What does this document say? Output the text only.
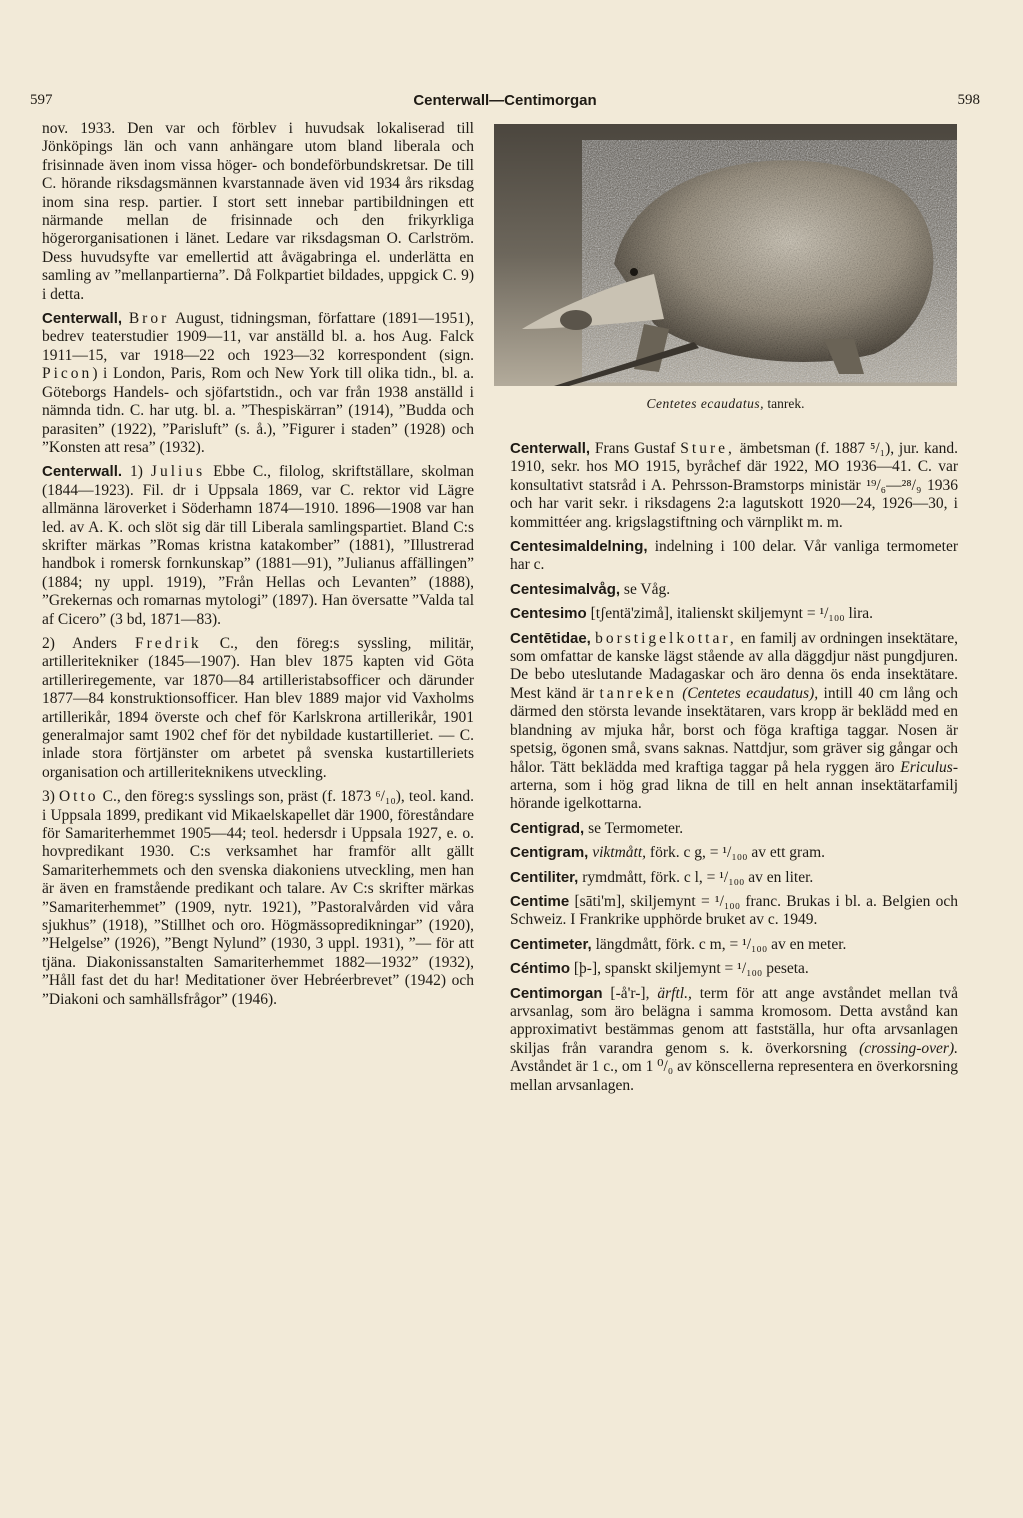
597	Centerwall—Centimorgan	598

nov. 1933. Den var och förblev i huvudsak lokaliserad till Jönköpings län och vann anhängare utom bland liberala och frisinnade även inom vissa höger- och bondeförbundskretsar. De till C. hörande riksdagsmännen kvarstannade även vid 1934 års riksdag inom sina resp. partier. I stort sett innebar partibildningen ett närmande mellan de frisinnade och den frikyrkliga högerorganisationen i länet. Ledare var riksdagsman O. Carlström. Dess huvudsyfte var emellertid att åvägabringa el. underlätta en samling av ”mellanpartierna”. Då Folkpartiet bildades, uppgick C. 9) i detta.

Centerwall, Bror August, tidningsman, författare (1891—1951), bedrev teaterstudier 1909—11, var anställd bl. a. hos Aug. Falck 1911—15, var 1918—22 och 1923—32 korrespondent (sign. Picon) i London, Paris, Rom och New York till olika tidn., bl. a. Göteborgs Handels- och sjöfartstidn., och var från 1938 anställd i nämnda tidn. C. har utg. bl. a. ”Thespiskärran” (1914), ”Budda och parasiten” (1922), ”Parisluft” (s. å.), ”Figurer i staden” (1928) och ”Konsten att resa” (1932).

Centerwall. 1) Julius Ebbe C., filolog, skriftställare, skolman (1844—1923). Fil. dr i Uppsala 1869, var C. rektor vid Lägre allmänna läroverket i Söderhamn 1874—1910. 1896—1908 var han led. av A. K. och slöt sig där till Liberala samlingspartiet. Bland C:s skrifter märkas ”Romas kristna katakomber” (1881), ”Illustrerad handbok i romersk fornkunskap” (1881—91), ”Julianus affällingen” (1884; ny uppl. 1919), ”Från Hellas och Levanten” (1888), ”Grekernas och romarnas mytologi” (1897). Han översatte ”Valda tal af Cicero” (3 bd, 1871—83).

2) Anders Fredrik C., den föreg:s syssling, militär, artilleritekniker (1845—1907). Han blev 1875 kapten vid Göta artilleriregemente, var 1870—84 artilleristabsofficer och därunder 1877—84 konstruktionsofficer. Han blev 1889 major vid Vaxholms artillerikår, 1894 överste och chef för Karlskrona artillerikår, 1901 generalmajor samt 1902 chef för det nybildade kustartilleriet. — C. inlade stora förtjänster om arbetet på svenska kustartilleriets organisation och artilleriteknikens utveckling.

3) Otto C., den föreg:s sysslings son, präst (f. 1873 ⁶/₁₀), teol. kand. i Uppsala 1899, predikant vid Mikaelskapellet där 1900, föreståndare för Samariterhemmet 1905—44; teol. hedersdr i Uppsala 1927, e. o. hovpredikant 1930. C:s verksamhet har framför allt gällt Samariterhemmets och den svenska diakoniens utveckling, men han är även en framstående predikant och talare. Av C:s skrifter märkas ”Samariterhemmet” (1909, nytr. 1921), ”Pastoralvården vid våra sjukhus” (1918), ”Stillhet och oro. Högmässopredikningar” (1920), ”Helgelse” (1926), ”Bengt Nylund” (1930, 3 uppl. 1931), ”— för att tjäna. Diakonissanstalten Samariterhemmet 1882—1932” (1932), ”Håll fast det du har! Meditationer över Hebréerbrevet” (1942) och ”Diakoni och samhällsfrågor” (1946).

Centetes ecaudatus, tanrek.

Centerwall, Frans Gustaf Sture, ämbetsman (f. 1887 ⁵/₁), jur. kand. 1910, sekr. hos MO 1915, byråchef där 1922, MO 1936—41. C. var konsultativt statsråd i A. Pehrsson-Bramstorps ministär ¹⁹/₆—²⁸/₉ 1936 och har varit sekr. i riksdagens 2:a lagutskott 1920—24, 1926—30, i kommittéer ang. krigslagstiftning och värnplikt m. m.

Centesimaldelning, indelning i 100 delar. Vår vanliga termometer har c.

Centesimalvåg, se Våg.

Centesimo [tʃentä'zimå], italienskt skiljemynt = ¹/₁₀₀ lira.

Centētidae, borstigelkottar, en familj av ordningen insektätare, som omfattar de kanske lägst stående av alla däggdjur näst pungdjuren. De bebo uteslutande Madagaskar och äro denna ös enda insektätare. Mest känd är tanreken (Centetes ecaudatus), intill 40 cm lång och därmed den största levande insektätaren, vars kropp är beklädd med en blandning av mjuka hår, borst och föga kraftiga taggar. Nosen är spetsig, ögonen små, svans saknas. Nattdjur, som gräver sig gångar och hålor. Tätt beklädda med kraftiga taggar på hela ryggen äro Ericulus-arterna, som i hög grad likna de till en helt annan insektätarfamilj hörande igelkottarna.

Centigrad, se Termometer.

Centigram, viktmått, förk. c g, = ¹/₁₀₀ av ett gram.

Centiliter, rymdmått, förk. c l, = ¹/₁₀₀ av en liter.

Centime [sāti'm], skiljemynt = ¹/₁₀₀ franc. Brukas i bl. a. Belgien och Schweiz. I Frankrike upphörde bruket av c. 1949.

Centimeter, längdmått, förk. c m, = ¹/₁₀₀ av en meter.

Céntimo [þ-], spanskt skiljemynt = ¹/₁₀₀ peseta.

Centimorgan [-å'r-], ärftl., term för att ange avståndet mellan två arvsanlag, som äro belägna i samma kromosom. Detta avstånd kan approximativt bestämmas genom att fastställa, hur ofta arvsanlagen skiljas från varandra genom s. k. överkorsning (crossing-over). Avståndet är 1 c., om 1 ⁰/₀ av könscellerna representera en överkorsning mellan arvsanlagen.
